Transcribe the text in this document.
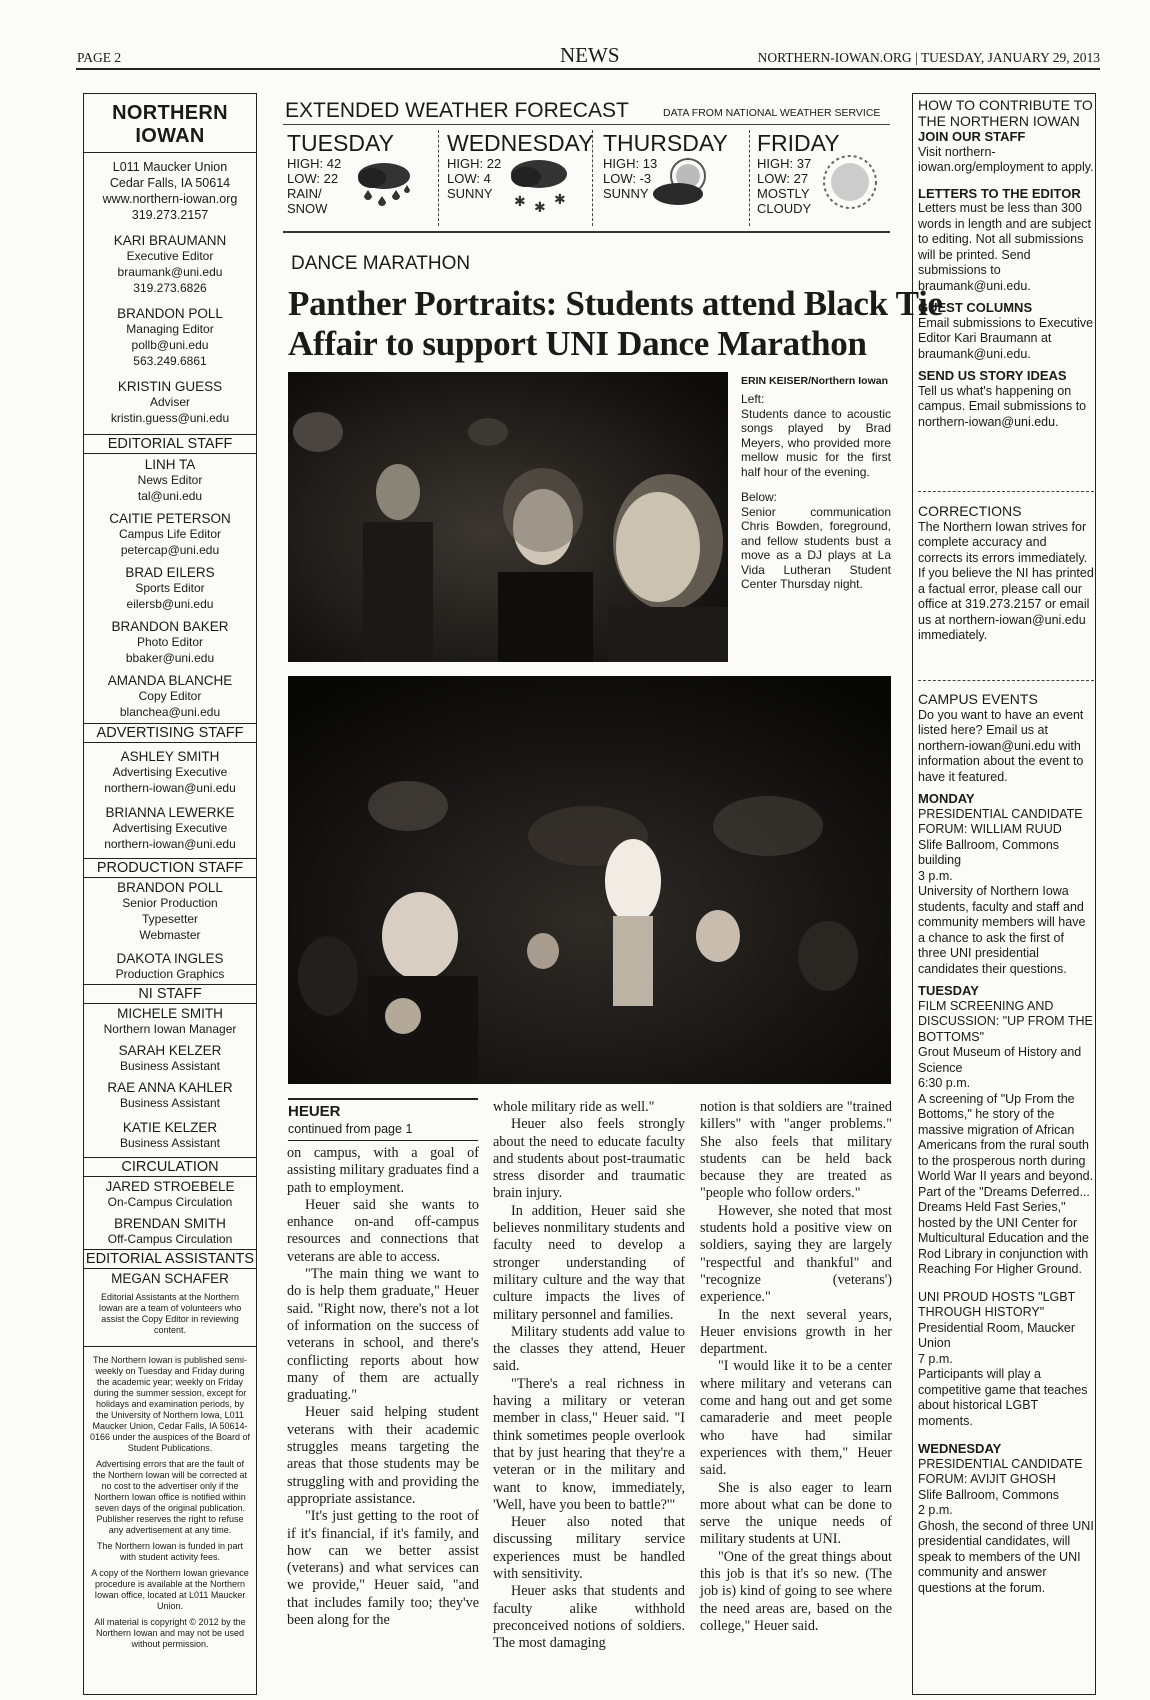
PAGE 2	NEWS	NORTHERN-IOWAN.ORG | TUESDAY, JANUARY 29, 2013
NORTHERN IOWAN
L011 Maucker Union
Cedar Falls, IA 50614
www.northern-iowan.org
319.273.2157
KARI BRAUMANN
Executive Editor
braumank@uni.edu
319.273.6826
BRANDON POLL
Managing Editor
pollb@uni.edu
563.249.6861
KRISTIN GUESS
Adviser
kristin.guess@uni.edu
EDITORIAL STAFF
LINH TA
News Editor
tal@uni.edu
CAITIE PETERSON
Campus Life Editor
petercap@uni.edu
BRAD EILERS
Sports Editor
eilersb@uni.edu
BRANDON BAKER
Photo Editor
bbaker@uni.edu
AMANDA BLANCHE
Copy Editor
blanchea@uni.edu
ADVERTISING STAFF
ASHLEY SMITH
Advertising Executive
northern-iowan@uni.edu
BRIANNA LEWERKE
Advertising Executive
northern-iowan@uni.edu
PRODUCTION STAFF
BRANDON POLL
Senior Production
Typesetter
Webmaster
DAKOTA INGLES
Production Graphics
NI STAFF
MICHELE SMITH
Northern Iowan Manager
SARAH KELZER
Business Assistant
RAE ANNA KAHLER
Business Assistant
KATIE KELZER
Business Assistant
CIRCULATION
JARED STROEBELE
On-Campus Circulation
BRENDAN SMITH
Off-Campus Circulation
EDITORIAL ASSISTANTS
MEGAN SCHAFER
Editorial Assistants at the Northern Iowan are a team of volunteers who assist the Copy Editor in reviewing content.
The Northern Iowan is published semi-weekly on Tuesday and Friday during the academic year; weekly on Friday during the summer session, except for holidays and examination periods, by the University of Northern Iowa, L011 Maucker Union, Cedar Falls, IA 50614-0166 under the auspices of the Board of Student Publications.
Advertising errors that are the fault of the Northern Iowan will be corrected at no cost to the advertiser only if the Northern Iowan office is notified within seven days of the original publication. Publisher reserves the right to refuse any advertisement at any time.
The Northern Iowan is funded in part with student activity fees.
A copy of the Northern Iowan grievance procedure is available at the Northern Iowan office, located at L011 Maucker Union.
All material is copyright © 2012 by the Northern Iowan and may not be used without permission.
EXTENDED WEATHER FORECAST	DATA FROM NATIONAL WEATHER SERVICE
TUESDAY
HIGH: 42
LOW: 22
RAIN/
SNOW
WEDNESDAY
HIGH: 22
LOW: 4
SUNNY
✱ ✱ ✱
THURSDAY
HIGH: 13
LOW: -3
SUNNY
FRIDAY
HIGH: 37
LOW: 27
MOSTLY
CLOUDY
DANCE MARATHON
Panther Portraits: Students attend Black Tie
Affair to support UNI Dance Marathon
ERIN KEISER/Northern Iowan
Left:
Students dance to acoustic songs played by Brad Meyers, who provided more mellow music for the first half hour of the evening.
Below:
Senior communication Chris Bowden, foreground, and fellow students bust a move as a DJ plays at La Vida Lutheran Student Center Thursday night.
HOW TO CONTRIBUTE TO THE NORTHERN IOWAN
JOIN OUR STAFF
Visit northern-iowan.org/employment to apply.
LETTERS TO THE EDITOR
Letters must be less than 300 words in length and are subject to editing. Not all submissions will be printed. Send submissions to braumank@uni.edu.
GUEST COLUMNS
Email submissions to Executive Editor Kari Braumann at braumank@uni.edu.
SEND US STORY IDEAS
Tell us what's happening on campus. Email submissions to northern-iowan@uni.edu.
CORRECTIONS
The Northern Iowan strives for complete accuracy and corrects its errors immediately. If you believe the NI has printed a factual error, please call our office at 319.273.2157 or email us at northern-iowan@uni.edu immediately.
CAMPUS EVENTS
Do you want to have an event listed here? Email us at northern-iowan@uni.edu with information about the event to have it featured.
MONDAY
PRESIDENTIAL CANDIDATE FORUM: WILLIAM RUUD
Slife Ballroom, Commons building
3 p.m.
University of Northern Iowa students, faculty and staff and community members will have a chance to ask the first of three UNI presidential candidates their questions.
TUESDAY
FILM SCREENING AND DISCUSSION: "UP FROM THE BOTTOMS"
Grout Museum of History and Science
6:30 p.m.
A screening of "Up From the Bottoms," he story of the massive migration of African Americans from the rural south to the prosperous north during World War II years and beyond. Part of the "Dreams Deferred... Dreams Held Fast Series," hosted by the UNI Center for Multicultural Education and the Rod Library in conjunction with Reaching For Higher Ground.
UNI PROUD HOSTS "LGBT THROUGH HISTORY"
Presidential Room, Maucker Union
7 p.m.
Participants will play a competitive game that teaches about historical LGBT moments.
WEDNESDAY
PRESIDENTIAL CANDIDATE FORUM: AVIJIT GHOSH
Slife Ballroom, Commons
2 p.m.
Ghosh, the second of three UNI presidential candidates, will speak to members of the UNI community and answer questions at the forum.
HEUER
continued from page 1

on campus, with a goal of assisting military graduates find a path to employment.

Heuer said she wants to enhance on-and off-campus resources and connections that veterans are able to access.

"The main thing we want to do is help them graduate," Heuer said. "Right now, there's not a lot of information on the success of veterans in school, and there's conflicting reports about how many of them are actually graduating."

Heuer said helping student veterans with their academic struggles means targeting the areas that those students may be struggling with and providing the appropriate assistance.

"It's just getting to the root of if it's financial, if it's family, and how can we better assist (veterans) and what services can we provide," Heuer said, "and that includes family too; they've been along for the

whole military ride as well."

Heuer also feels strongly about the need to educate faculty and students about post-traumatic stress disorder and traumatic brain injury.

In addition, Heuer said she believes nonmilitary students and faculty need to develop a stronger understanding of military culture and the way that culture impacts the lives of military personnel and families.

Military students add value to the classes they attend, Heuer said.

"There's a real richness in having a military or veteran member in class," Heuer said. "I think sometimes people overlook that by just hearing that they're a veteran or in the military and want to know, immediately, 'Well, have you been to battle?'"

Heuer also noted that discussing military service experiences must be handled with sensitivity.

Heuer asks that students and faculty alike withhold preconceived notions of soldiers. The most damaging

notion is that soldiers are "trained killers" with "anger problems." She also feels that military students can be held back because they are treated as "people who follow orders."

However, she noted that most students hold a positive view on soldiers, saying they are largely "respectful and thankful" and "recognize (veterans') experience."

In the next several years, Heuer envisions growth in her department.

"I would like it to be a center where military and veterans can come and hang out and get some camaraderie and meet people who have had similar experiences with them," Heuer said.

She is also eager to learn more about what can be done to serve the unique needs of military students at UNI.

"One of the great things about this job is that it's so new. (The job is) kind of going to see where the need areas are, based on the college," Heuer said.
